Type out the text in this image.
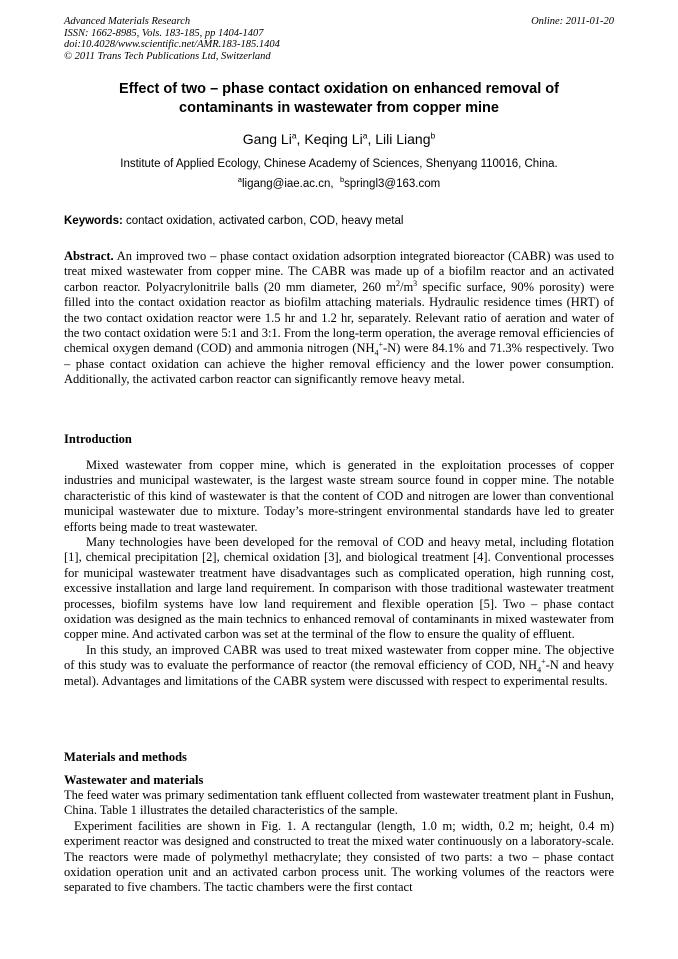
Advanced Materials Research
ISSN: 1662-8985, Vols. 183-185, pp 1404-1407
doi:10.4028/www.scientific.net/AMR.183-185.1404
© 2011 Trans Tech Publications Ltd, Switzerland
Online: 2011-01-20
Effect of two – phase contact oxidation on enhanced removal of
contaminants in wastewater from copper mine
Gang Li$^a$, Keqing Li$^a$, Lili Liang$^b$
Institute of Applied Ecology, Chinese Academy of Sciences, Shenyang 110016, China.
$^a$ligang@iae.ac.cn, $^b$springl3@163.com
Keywords: contact oxidation, activated carbon, COD, heavy metal

Abstract. An improved two – phase contact oxidation adsorption integrated bioreactor (CABR) was used to treat mixed wastewater from copper mine. The CABR was made up of a biofilm reactor and an activated carbon reactor. Polyacrylonitrile balls (20 mm diameter, 260 $m^2/m^3$ specific surface, 90% porosity) were filled into the contact oxidation reactor as biofilm attaching materials. Hydraulic residence times (HRT) of the two contact oxidation reactor were 1.5 hr and 1.2 hr, separately. Relevant ratio of aeration and water of the two contact oxidation were 5:1 and 3:1. From the long-term operation, the average removal efficiencies of chemical oxygen demand (COD) and ammonia nitrogen $(NH_4^+-N)$ were 84.1% and 71.3% respectively. Two – phase contact oxidation can achieve the higher removal efficiency and the lower power consumption. Additionally, the activated carbon reactor can significantly remove heavy metal.

Introduction

Mixed wastewater from copper mine, which is generated in the exploitation processes of copper industries and municipal wastewater, is the largest waste stream source found in copper mine. The notable characteristic of this kind of wastewater is that the content of COD and nitrogen are lower than conventional municipal wastewater due to mixture. Today’s more-stringent environmental standards have led to greater efforts being made to treat wastewater.

Many technologies have been developed for the removal of COD and heavy metal, including flotation [1], chemical precipitation [2], chemical oxidation [3], and biological treatment [4]. Conventional processes for municipal wastewater treatment have disadvantages such as complicated operation, high running cost, excessive installation and large land requirement. In comparison with those traditional wastewater treatment processes, biofilm systems have low land requirement and flexible operation [5]. Two – phase contact oxidation was designed as the main technics to enhanced removal of contaminants in mixed wastewater from copper mine. And activated carbon was set at the terminal of the flow to ensure the quality of effluent.

In this study, an improved CABR was used to treat mixed wastewater from copper mine. The objective of this study was to evaluate the performance of reactor (the removal efficiency of COD, $NH_4^+-N$ and heavy metal). Advantages and limitations of the CABR system were discussed with respect to experimental results.

Materials and methods
Wastewater and materials

The feed water was primary sedimentation tank effluent collected from wastewater treatment plant in Fushun, China. Table 1 illustrates the detailed characteristics of the sample.

Experiment facilities are shown in Fig. 1. A rectangular (length, 1.0 m; width, 0.2 m; height, 0.4 m) experiment reactor was designed and constructed to treat the mixed water continuously on a laboratory-scale. The reactors were made of polymethyl methacrylate; they consisted of two parts: a two – phase contact oxidation operation unit and an activated carbon process unit. The working volumes of the reactors were separated to five chambers. The tactic chambers were the first contact
